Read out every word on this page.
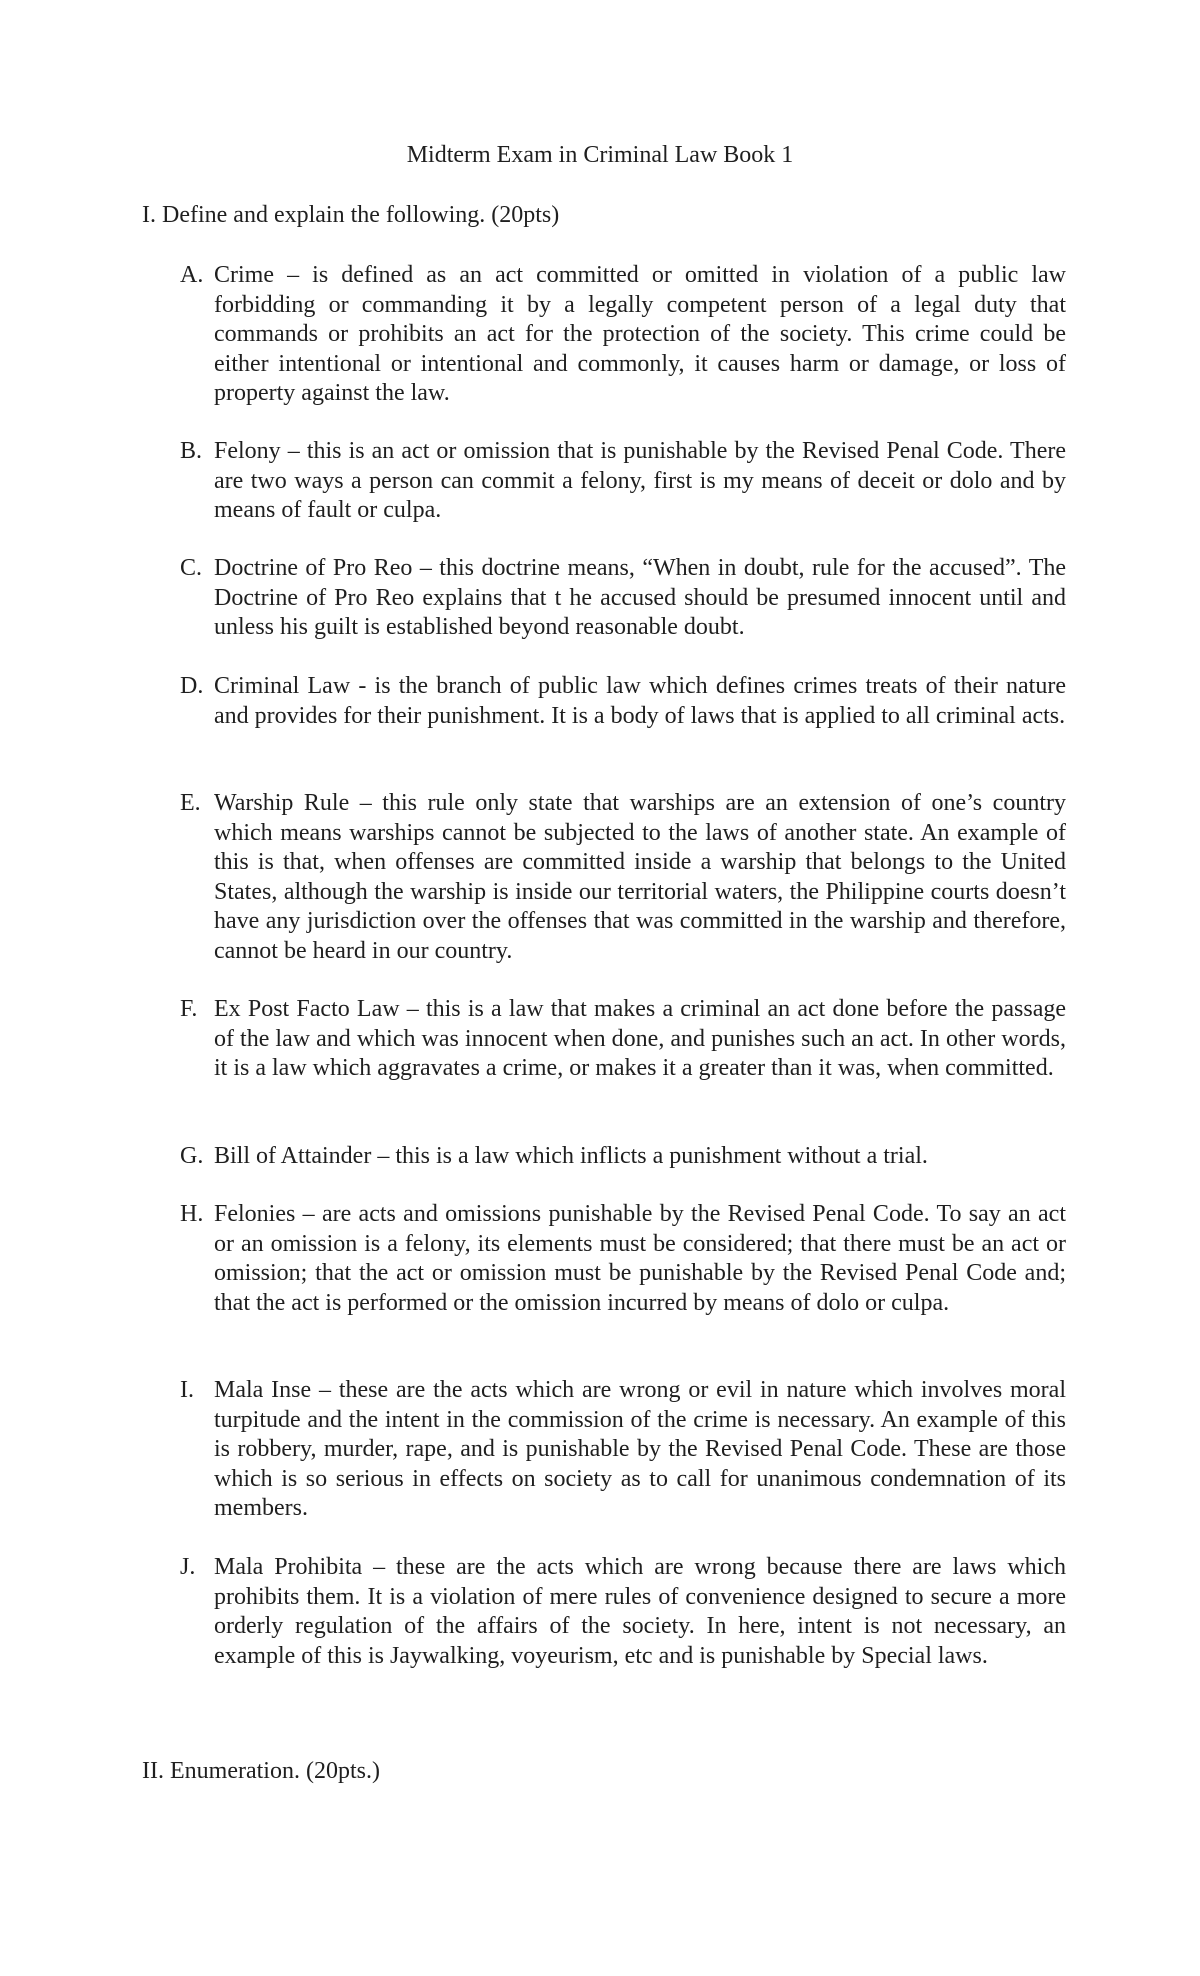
Midterm Exam in Criminal Law Book 1
I. Define and explain the following. (20pts)
A. Crime – is defined as an act committed or omitted in violation of a public law forbidding or commanding it by a legally competent person of a legal duty that commands or prohibits an act for the protection of the society. This crime could be either intentional or intentional and commonly, it causes harm or damage, or loss of property against the law.
B. Felony – this is an act or omission that is punishable by the Revised Penal Code. There are two ways a person can commit a felony, first is my means of deceit or dolo and by means of fault or culpa.
C. Doctrine of Pro Reo – this doctrine means, “When in doubt, rule for the accused”. The Doctrine of Pro Reo explains that t he accused should be presumed innocent until and unless his guilt is established beyond reasonable doubt.
D. Criminal Law - is the branch of public law which defines crimes treats of their nature and provides for their punishment. It is a body of laws that is applied to all criminal acts.
E. Warship Rule – this rule only state that warships are an extension of one’s country which means warships cannot be subjected to the laws of another state. An example of this is that, when offenses are committed inside a warship that belongs to the United States, although the warship is inside our territorial waters, the Philippine courts doesn’t have any jurisdiction over the offenses that was committed in the warship and therefore, cannot be heard in our country.
F. Ex Post Facto Law – this is a law that makes a criminal an act done before the passage of the law and which was innocent when done, and punishes such an act. In other words, it is a law which aggravates a crime, or makes it a greater than it was, when committed.
G. Bill of Attainder – this is a law which inflicts a punishment without a trial.
H. Felonies – are acts and omissions punishable by the Revised Penal Code. To say an act or an omission is a felony, its elements must be considered; that there must be an act or omission; that the act or omission must be punishable by the Revised Penal Code and; that the act is performed or the omission incurred by means of dolo or culpa.
I. Mala Inse – these are the acts which are wrong or evil in nature which involves moral turpitude and the intent in the commission of the crime is necessary. An example of this is robbery, murder, rape, and is punishable by the Revised Penal Code. These are those which is so serious in effects on society as to call for unanimous condemnation of its members.
J. Mala Prohibita – these are the acts which are wrong because there are laws which prohibits them. It is a violation of mere rules of convenience designed to secure a more orderly regulation of the affairs of the society. In here, intent is not necessary, an example of this is Jaywalking, voyeurism, etc and is punishable by Special laws.
II. Enumeration. (20pts.)
